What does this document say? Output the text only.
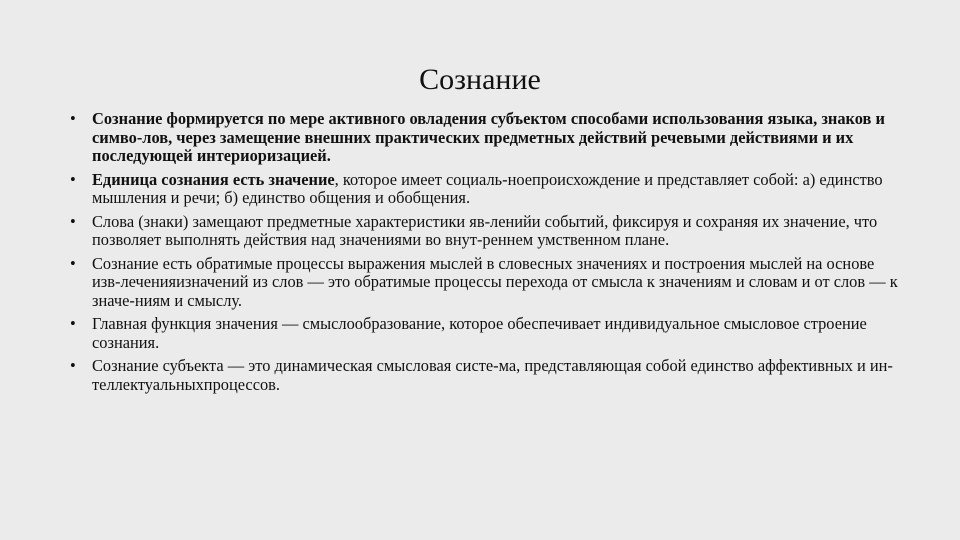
Сознание
• Сознание формируется по мере активного овладения субъектом способами использования языка, знаков и симво-лов, через замещение внешних практических предметных действий речевыми действиями и их последующей интериоризацией.
• Единица сознания есть значение, которое имеет социаль-ноепроисхождение и представляет собой: а) единство мышления и речи; б) единство общения и обобщения.
• Слова (знаки) замещают предметные характеристики яв-ленийи событий, фиксируя и сохраняя их значение, что позволяет выполнять действия над значениями во внут-реннем умственном плане.
• Сознание есть обратимые процессы выражения мыслей в словесных значениях и построения мыслей на основе изв-леченияизначений из слов — это обратимые процессы перехода от смысла к значениям и словам и от слов — к значе-ниям и смыслу.
• Главная функция значения — смыслообразование, которое обеспечивает индивидуальное смысловое строение сознания.
• Сознание субъекта — это динамическая смысловая систе-ма, представляющая собой единство аффективных и ин-теллектуальныхпроцессов.
